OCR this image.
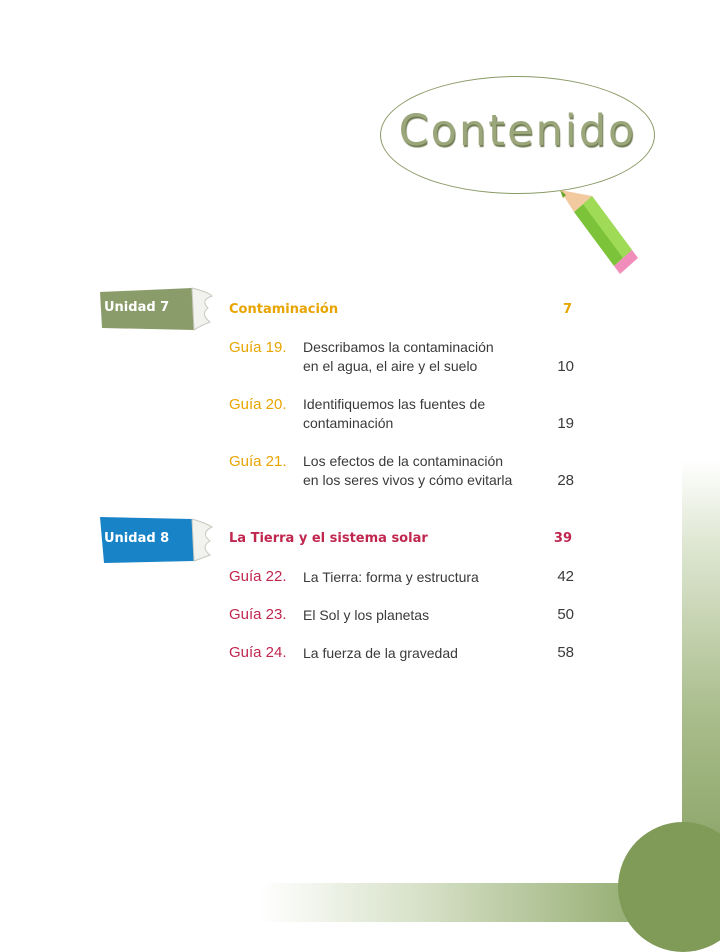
Contenido
Unidad 7	Contaminación	7
Guía 19. Describamos la contaminación
en el agua, el aire y el suelo	10
Guía 20. Identifiquemos las fuentes de
contaminación	19
Guía 21. Los efectos de la contaminación
en los seres vivos y cómo evitarla	28
Unidad 8	La Tierra y el sistema solar	39
Guía 22. La Tierra: forma y estructura	42
Guía 23. El Sol y los planetas	50
Guía 24. La fuerza de la gravedad	58
